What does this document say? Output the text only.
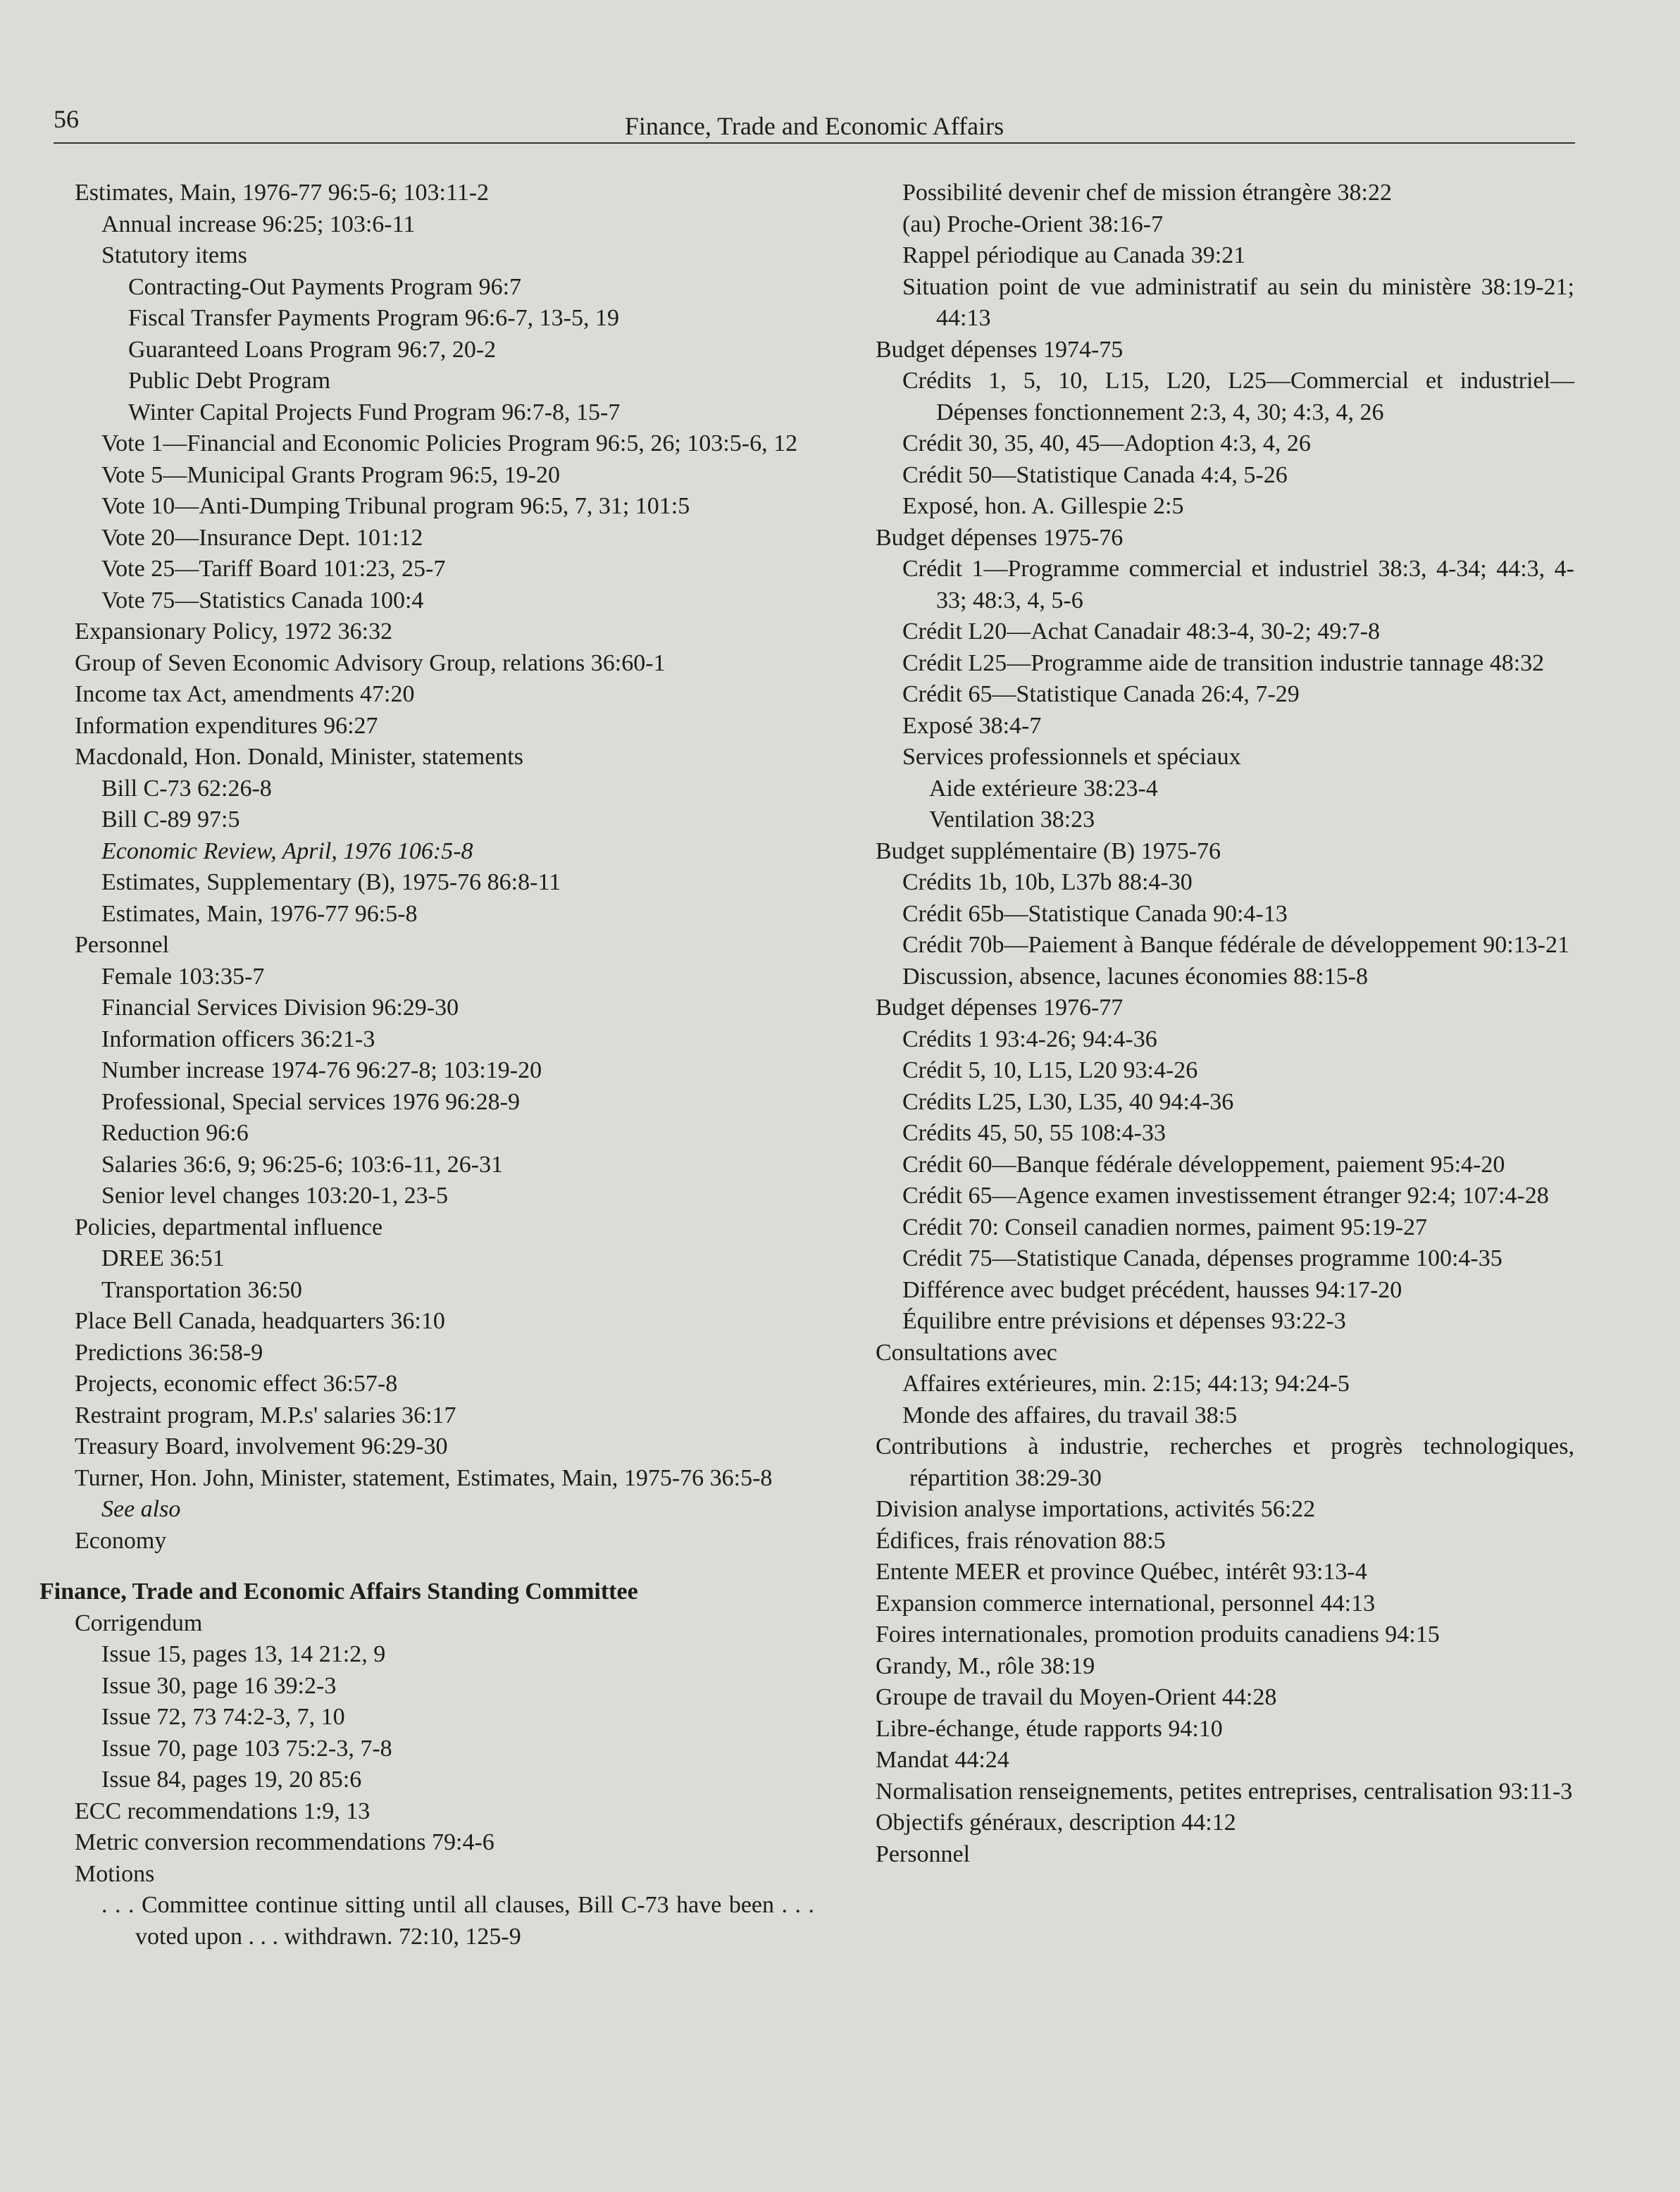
56	Finance, Trade and Economic Affairs
Estimates, Main, 1976-77 96:5-6; 103:11-2
Annual increase 96:25; 103:6-11
Statutory items
Contracting-Out Payments Program 96:7
Fiscal Transfer Payments Program 96:6-7, 13-5, 19
Guaranteed Loans Program 96:7, 20-2
Public Debt Program
Winter Capital Projects Fund Program 96:7-8, 15-7
Vote 1—Financial and Economic Policies Program 96:5, 26; 103:5-6, 12
Vote 5—Municipal Grants Program 96:5, 19-20
Vote 10—Anti-Dumping Tribunal program 96:5, 7, 31; 101:5
Vote 20—Insurance Dept. 101:12
Vote 25—Tariff Board 101:23, 25-7
Vote 75—Statistics Canada 100:4
Expansionary Policy, 1972 36:32
Group of Seven Economic Advisory Group, relations 36:60-1
Income tax Act, amendments 47:20
Information expenditures 96:27
Macdonald, Hon. Donald, Minister, statements
Bill C-73 62:26-8
Bill C-89 97:5
Economic Review, April, 1976 106:5-8
Estimates, Supplementary (B), 1975-76 86:8-11
Estimates, Main, 1976-77 96:5-8
Personnel
Female 103:35-7
Financial Services Division 96:29-30
Information officers 36:21-3
Number increase 1974-76 96:27-8; 103:19-20
Professional, Special services 1976 96:28-9
Reduction 96:6
Salaries 36:6, 9; 96:25-6; 103:6-11, 26-31
Senior level changes 103:20-1, 23-5
Policies, departmental influence
DREE 36:51
Transportation 36:50
Place Bell Canada, headquarters 36:10
Predictions 36:58-9
Projects, economic effect 36:57-8
Restraint program, M.P.s' salaries 36:17
Treasury Board, involvement 96:29-30
Turner, Hon. John, Minister, statement, Estimates, Main, 1975-76 36:5-8
See also
Economy
Finance, Trade and Economic Affairs Standing Committee
Corrigendum
Issue 15, pages 13, 14 21:2, 9
Issue 30, page 16 39:2-3
Issue 72, 73 74:2-3, 7, 10
Issue 70, page 103 75:2-3, 7-8
Issue 84, pages 19, 20 85:6
ECC recommendations 1:9, 13
Metric conversion recommendations 79:4-6
Motions
. . . Committee continue sitting until all clauses, Bill C-73 have been . . . voted upon . . . withdrawn. 72:10, 125-9
Possibilité devenir chef de mission étrangère 38:22
(au) Proche-Orient 38:16-7
Rappel périodique au Canada 39:21
Situation point de vue administratif au sein du ministère 38:19-21; 44:13
Budget dépenses 1974-75
Crédits 1, 5, 10, L15, L20, L25—Commercial et industriel—Dépenses fonctionnement 2:3, 4, 30; 4:3, 4, 26
Crédit 30, 35, 40, 45—Adoption 4:3, 4, 26
Crédit 50—Statistique Canada 4:4, 5-26
Exposé, hon. A. Gillespie 2:5
Budget dépenses 1975-76
Crédit 1—Programme commercial et industriel 38:3, 4-34; 44:3, 4-33; 48:3, 4, 5-6
Crédit L20—Achat Canadair 48:3-4, 30-2; 49:7-8
Crédit L25—Programme aide de transition industrie tannage 48:32
Crédit 65—Statistique Canada 26:4, 7-29
Exposé 38:4-7
Services professionnels et spéciaux
Aide extérieure 38:23-4
Ventilation 38:23
Budget supplémentaire (B) 1975-76
Crédits 1b, 10b, L37b 88:4-30
Crédit 65b—Statistique Canada 90:4-13
Crédit 70b—Paiement à Banque fédérale de développement 90:13-21
Discussion, absence, lacunes économies 88:15-8
Budget dépenses 1976-77
Crédits 1 93:4-26; 94:4-36
Crédit 5, 10, L15, L20 93:4-26
Crédits L25, L30, L35, 40 94:4-36
Crédits 45, 50, 55 108:4-33
Crédit 60—Banque fédérale développement, paiement 95:4-20
Crédit 65—Agence examen investissement étranger 92:4; 107:4-28
Crédit 70: Conseil canadien normes, paiment 95:19-27
Crédit 75—Statistique Canada, dépenses programme 100:4-35
Différence avec budget précédent, hausses 94:17-20
Équilibre entre prévisions et dépenses 93:22-3
Consultations avec
Affaires extérieures, min. 2:15; 44:13; 94:24-5
Monde des affaires, du travail 38:5
Contributions à industrie, recherches et progrès technologiques, répartition 38:29-30
Division analyse importations, activités 56:22
Édifices, frais rénovation 88:5
Entente MEER et province Québec, intérêt 93:13-4
Expansion commerce international, personnel 44:13
Foires internationales, promotion produits canadiens 94:15
Grandy, M., rôle 38:19
Groupe de travail du Moyen-Orient 44:28
Libre-échange, étude rapports 94:10
Mandat 44:24
Normalisation renseignements, petites entreprises, centralisation 93:11-3
Objectifs généraux, description 44:12
Personnel
